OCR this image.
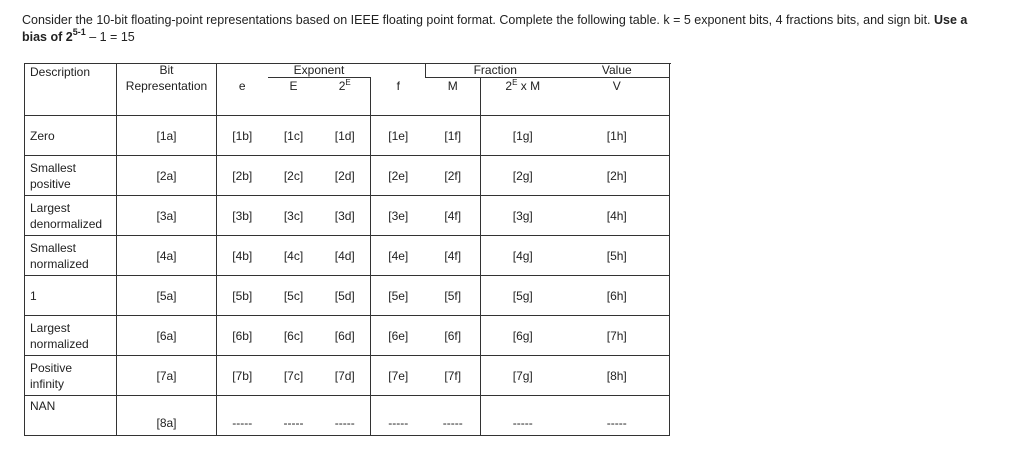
Consider the 10-bit floating-point representations based on IEEE floating point format. Complete the following table. k = 5 exponent bits, 4 fractions bits, and sign bit. Use a
bias of 2$^{5-1}$ – 1 = 15
Description	Bit		Exponent			Fraction		Value
	Representation	e	E	$2^E$	f	M	$2^E$ x M	V

Zero	[1a]	[1b]	[1c]	[1d]	[1e]	[1f]	[1g]	[1h]
Smallest
positive	[2a]	[2b]	[2c]	[2d]	[2e]	[2f]	[2g]	[2h]
Largest
denormalized	[3a]	[3b]	[3c]	[3d]	[3e]	[4f]	[3g]	[4h]
Smallest
normalized	[4a]	[4b]	[4c]	[4d]	[4e]	[4f]	[4g]	[5h]
1	[5a]	[5b]	[5c]	[5d]	[5e]	[5f]	[5g]	[6h]
Largest
normalized	[6a]	[6b]	[6c]	[6d]	[6e]	[6f]	[6g]	[7h]
Positive
infinity	[7a]	[7b]	[7c]	[7d]	[7e]	[7f]	[7g]	[8h]
NAN	[8a]	-----	-----	-----	-----	-----	-----	-----
